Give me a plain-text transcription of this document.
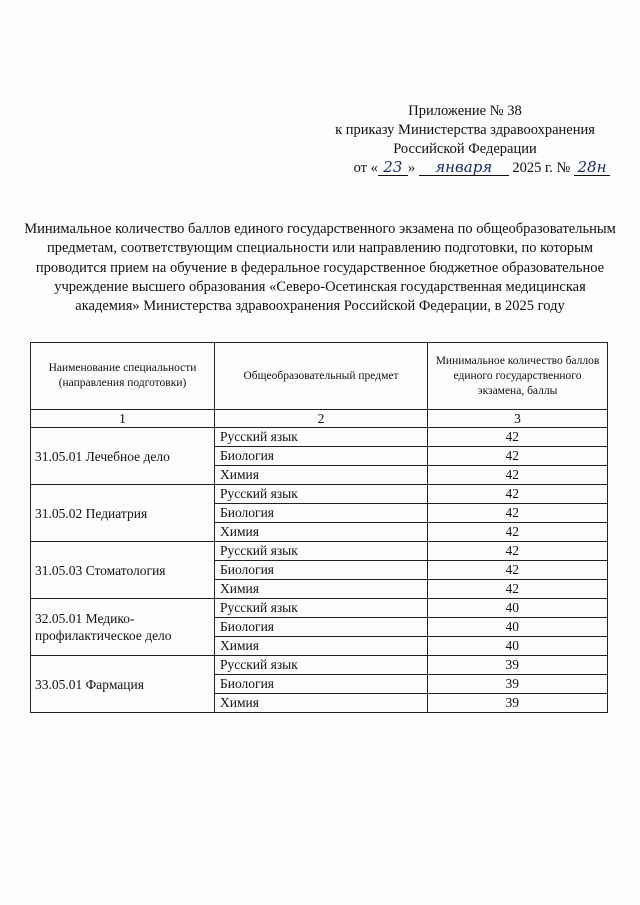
Приложение № 38
к приказу Министерства здравоохранения
Российской Федерации
от « 23 » января 2025 г. № 28н
Минимальное количество баллов единого государственного экзамена по общеобразовательным предметам, соответствующим специальности или направлению подготовки, по которым проводится прием на обучение в федеральное государственное бюджетное образовательное учреждение высшего образования «Северо-Осетинская государственная медицинская академия» Министерства здравоохранения Российской Федерации, в 2025 году
Наименование специальности (направления подготовки)	Общеобразовательный предмет	Минимальное количество баллов единого государственного экзамена, баллы
1	2	3
31.05.01 Лечебное дело	Русский язык	42
	Биология	42
	Химия	42
31.05.02 Педиатрия	Русский язык	42
	Биология	42
	Химия	42
31.05.03 Стоматология	Русский язык	42
	Биология	42
	Химия	42
32.05.01 Медико-профилактическое дело	Русский язык	40
	Биология	40
	Химия	40
33.05.01 Фармация	Русский язык	39
	Биология	39
	Химия	39
